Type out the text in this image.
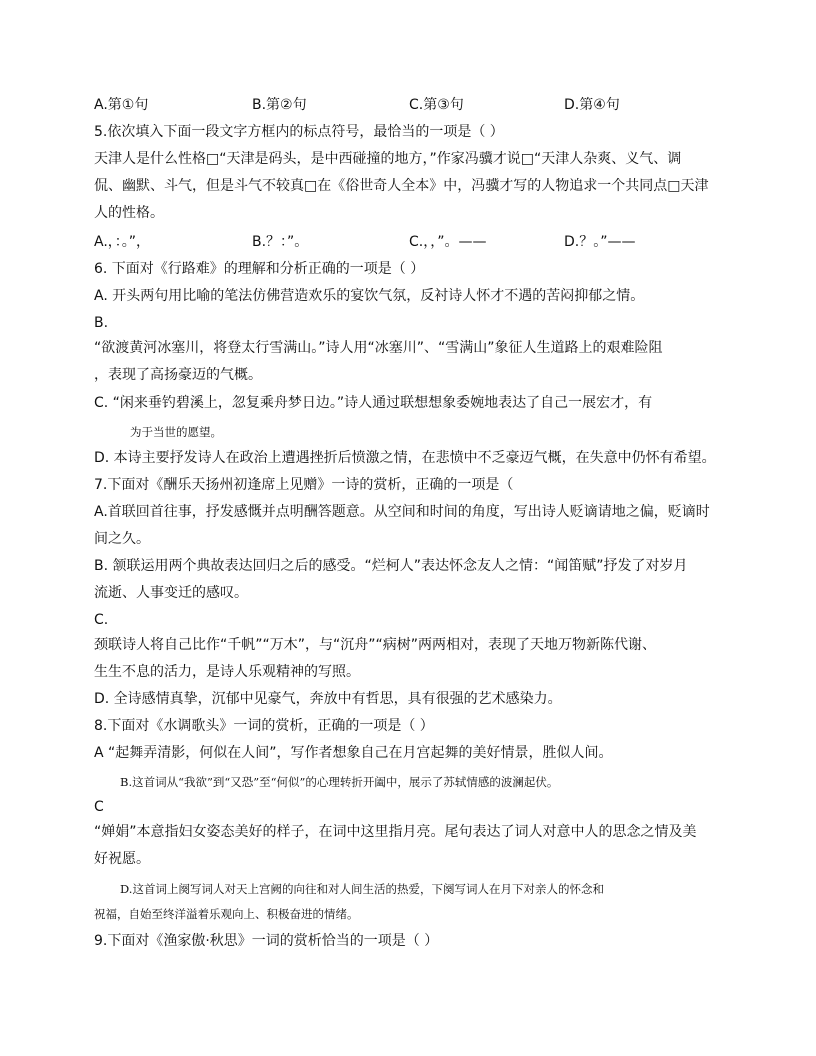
A.第①句	B.第②句	C.第③句	D.第④句
5.依次填入下面一段文字方框内的标点符号，最恰当的一项是（ ）
天津人是什么性格□“天津是码头，是中西碰撞的地方，”作家冯骥才说□“天津人杂爽、义气、调
侃、幽默、斗气，但是斗气不较真□在《俗世奇人全本》中，冯骥才写的人物追求一个共同点□天津
人的性格。
A.，：。”，	B.？：”。	C.，，”。——	D.？。”——
6. 下面对《行路难》的理解和分析正确的一项是（ ）
A. 开头两句用比喻的笔法仿佛营造欢乐的宴饮气氛，反衬诗人怀才不遇的苦闷抑郁之情。
B.
“欲渡黄河冰塞川，将登太行雪满山。”诗人用“冰塞川”、“雪满山”象征人生道路上的艰难险阻
，表现了高扬豪迈的气概。
C. “闲来垂钓碧溪上，忽复乘舟梦日边。”诗人通过联想想象委婉地表达了自己一展宏才，有
为于当世的愿望。
D. 本诗主要抒发诗人在政治上遭遇挫折后愤激之情，在悲愤中不乏豪迈气概，在失意中仍怀有希望。
7.下面对《酬乐天扬州初逢席上见赠》一诗的赏析，正确的一项是（
A.首联回首往事，抒发感慨并点明酬答题意。从空间和时间的角度，写出诗人贬谪请地之偏，贬谪时
间之久。
B. 颔联运用两个典故表达回归之后的感受。“烂柯人”表达怀念友人之情：“闻笛赋”抒发了对岁月
流逝、人事变迁的感叹。
C.
颈联诗人将自己比作“千帆”“万木”，与“沉舟”“病树”两两相对，表现了天地万物新陈代谢、
生生不息的活力，是诗人乐观精神的写照。
D. 全诗感情真挚，沉郁中见豪气，奔放中有哲思，具有很强的艺术感染力。
8.下面对《水调歌头》一词的赏析，正确的一项是（ ）
A “起舞弄清影，何似在人间”，写作者想象自己在月宫起舞的美好情景，胜似人间。
B.这首词从“我欲”到“又恐”至“何似”的心理转折开阖中，展示了苏轼情感的波澜起伏。
C
“婵娟”本意指妇女姿态美好的样子，在词中这里指月亮。尾句表达了词人对意中人的思念之情及美
好祝愿。
D.这首词上阕写词人对天上宫阙的向往和对人间生活的热爱，下阕写词人在月下对亲人的怀念和
祝福，自始至终洋溢着乐观向上、积极奋进的情绪。
9.下面对《渔家傲·秋思》一词的赏析恰当的一项是（ ）
